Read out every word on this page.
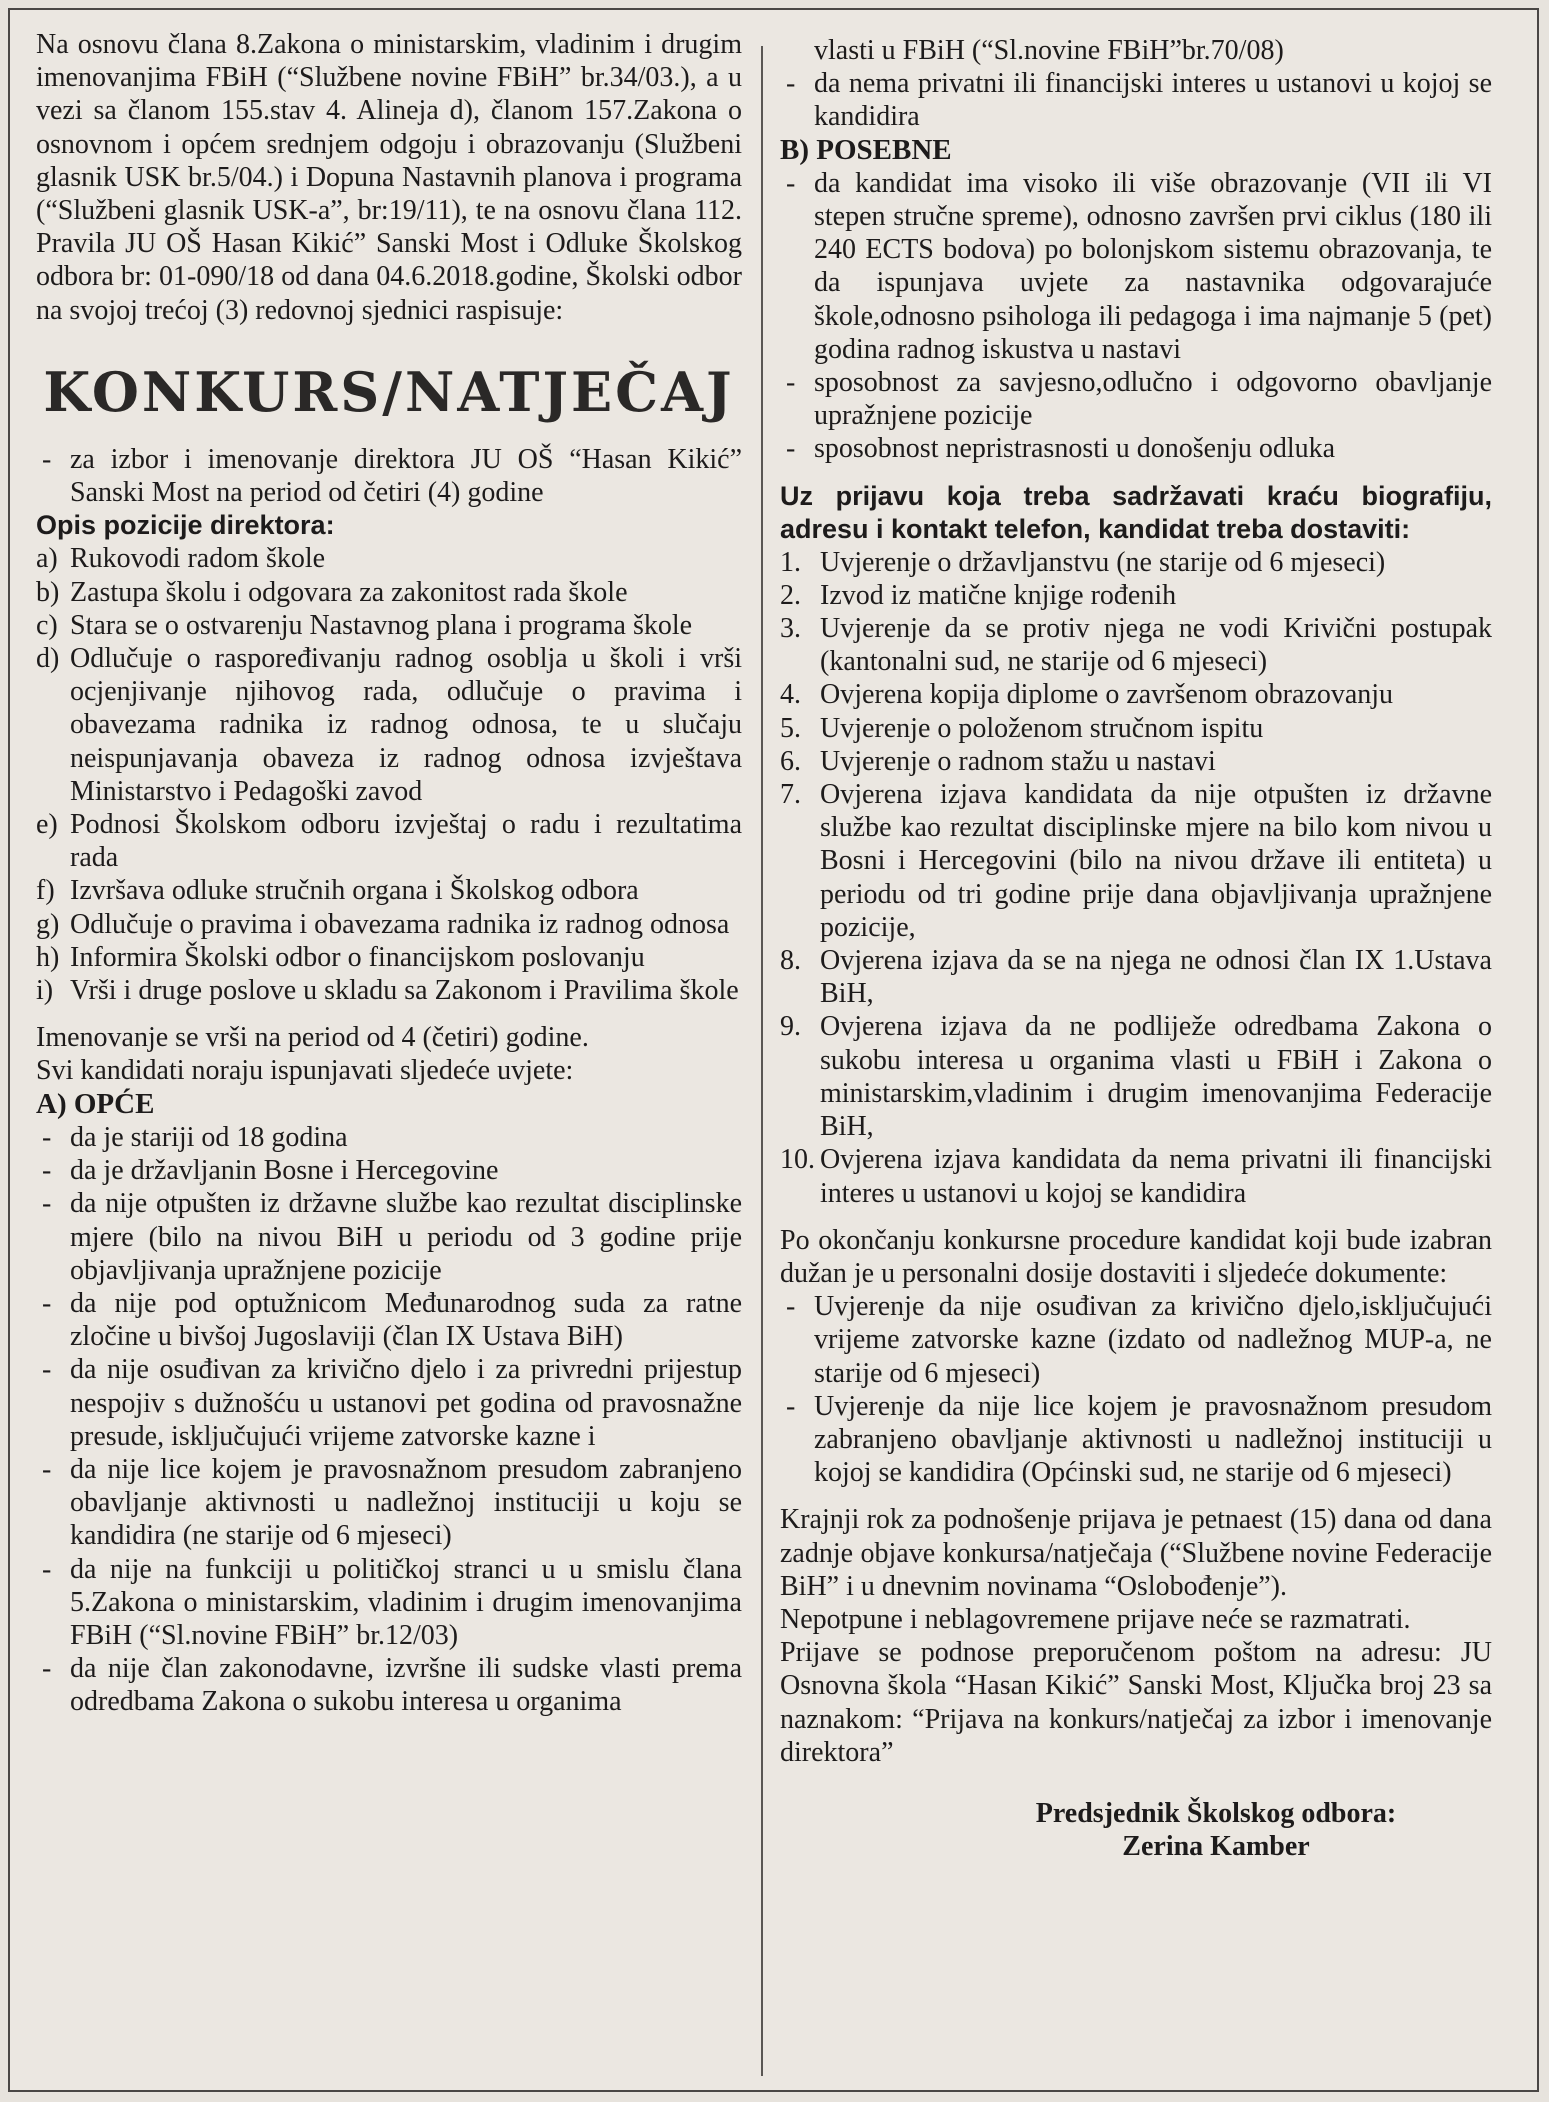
Na osnovu člana 8.Zakona o ministarskim, vladinim i drugim imenovanjima FBiH (“Službene novine FBiH” br.34/03.), a u vezi sa članom 155.stav 4. Alineja d), članom 157.Zakona o osnovnom i općem srednjem odgoju i obrazovanju (Službeni glasnik USK br.5/04.) i Dopuna Nastavnih planova i programa (“Službeni glasnik USK-a”, br:19/11), te na osnovu člana 112. Pravila JU OŠ Hasan Kikić” Sanski Most i Odluke Školskog odbora br: 01-090/18 od dana 04.6.2018.godine, Školski odbor na svojoj trećoj (3) redovnoj sjednici raspisuje:

KONKURS/NATJEČAJ
- za izbor i imenovanje direktora JU OŠ “Hasan Kikić” Sanski Most na period od četiri (4) godine
Opis pozicije direktora:
a) Rukovodi radom škole
b) Zastupa školu i odgovara za zakonitost rada škole
c) Stara se o ostvarenju Nastavnog plana i programa škole
d) Odlučuje o raspoređivanju radnog osoblja u školi i vrši ocjenjivanje njihovog rada, odlučuje o pravima i obavezama radnika iz radnog odnosa, te u slučaju neispunjavanja obaveza iz radnog odnosa izvještava Ministarstvo i Pedagoški zavod
e) Podnosi Školskom odboru izvještaj o radu i rezultatima rada
f) Izvršava odluke stručnih organa i Školskog odbora
g) Odlučuje o pravima i obavezama radnika iz radnog odnosa
h) Informira Školski odbor o financijskom poslovanju
i) Vrši i druge poslove u skladu sa Zakonom i Pravilima škole

Imenovanje se vrši na period od 4 (četiri) godine.

Svi kandidati noraju ispunjavati sljedeće uvjete:

A) OPĆE
- da je stariji od 18 godina
- da je državljanin Bosne i Hercegovine
- da nije otpušten iz državne službe kao rezultat disciplinske mjere (bilo na nivou BiH u periodu od 3 godine prije objavljivanja upražnjene pozicije
- da nije pod optužnicom Međunarodnog suda za ratne zločine u bivšoj Jugoslaviji (član IX Ustava BiH)
- da nije osuđivan za krivično djelo i za privredni prijestup nespojiv s dužnošću u ustanovi pet godina od pravosnažne presude, isključujući vrijeme zatvorske kazne i
- da nije lice kojem je pravosnažnom presudom zabranjeno obavljanje aktivnosti u nadležnoj instituciji u koju se kandidira (ne starije od 6 mjeseci)
- da nije na funkciji u političkoj stranci u u smislu člana 5.Zakona o ministarskim, vladinim i drugim imenovanjima FBiH (“Sl.novine FBiH” br.12/03)
- da nije član zakonodavne, izvršne ili sudske vlasti prema odredbama Zakona o sukobu interesa u organima

vlasti u FBiH (“Sl.novine FBiH”br.70/08)

- da nema privatni ili financijski interes u ustanovi u kojoj se kandidira
B) POSEBNE
- da kandidat ima visoko ili više obrazovanje (VII ili VI stepen stručne spreme), odnosno završen prvi ciklus (180 ili 240 ECTS bodova) po bolonjskom sistemu obrazovanja, te da ispunjava uvjete za nastavnika odgovarajuće škole,odnosno psihologa ili pedagoga i ima najmanje 5 (pet) godina radnog iskustva u nastavi
- sposobnost za savjesno,odlučno i odgovorno obavljanje upražnjene pozicije
- sposobnost nepristrasnosti u donošenju odluka

Uz prijavu koja treba sadržavati kraću biografiju, adresu i kontakt telefon, kandidat treba dostaviti:

1. Uvjerenje o državljanstvu (ne starije od 6 mjeseci)
2. Izvod iz matične knjige rođenih
3. Uvjerenje da se protiv njega ne vodi Krivični postupak (kantonalni sud, ne starije od 6 mjeseci)
4. Ovjerena kopija diplome o završenom obrazovanju
5. Uvjerenje o položenom stručnom ispitu
6. Uvjerenje o radnom stažu u nastavi
7. Ovjerena izjava kandidata da nije otpušten iz državne službe kao rezultat disciplinske mjere na bilo kom nivou u Bosni i Hercegovini (bilo na nivou države ili entiteta) u periodu od tri godine prije dana objavljivanja upražnjene pozicije,
8. Ovjerena izjava da se na njega ne odnosi član IX 1.Ustava BiH,
9. Ovjerena izjava da ne podliježe odredbama Zakona o sukobu interesa u organima vlasti u FBiH i Zakona o ministarskim,vladinim i drugim imenovanjima Federacije BiH,
10. Ovjerena izjava kandidata da nema privatni ili financijski interes u ustanovi u kojoj se kandidira

Po okončanju konkursne procedure kandidat koji bude izabran dužan je u personalni dosije dostaviti i sljedeće dokumente:

- Uvjerenje da nije osuđivan za krivično djelo,isključujući vrijeme zatvorske kazne (izdato od nadležnog MUP-a, ne starije od 6 mjeseci)
- Uvjerenje da nije lice kojem je pravosnažnom presudom zabranjeno obavljanje aktivnosti u nadležnoj instituciji u kojoj se kandidira (Općinski sud, ne starije od 6 mjeseci)

Krajnji rok za podnošenje prijava je petnaest (15) dana od dana zadnje objave konkursa/natječaja (“Službene novine Federacije BiH” i u dnevnim novinama “Oslobođenje”).

Nepotpune i neblagovremene prijave neće se razmatrati.

Prijave se podnose preporučenom poštom na adresu: JU Osnovna škola “Hasan Kikić” Sanski Most, Ključka broj 23 sa naznakom: “Prijava na konkurs/natječaj za izbor i imenovanje direktora”

Predsjednik Školskog odbora:
Zerina Kamber
